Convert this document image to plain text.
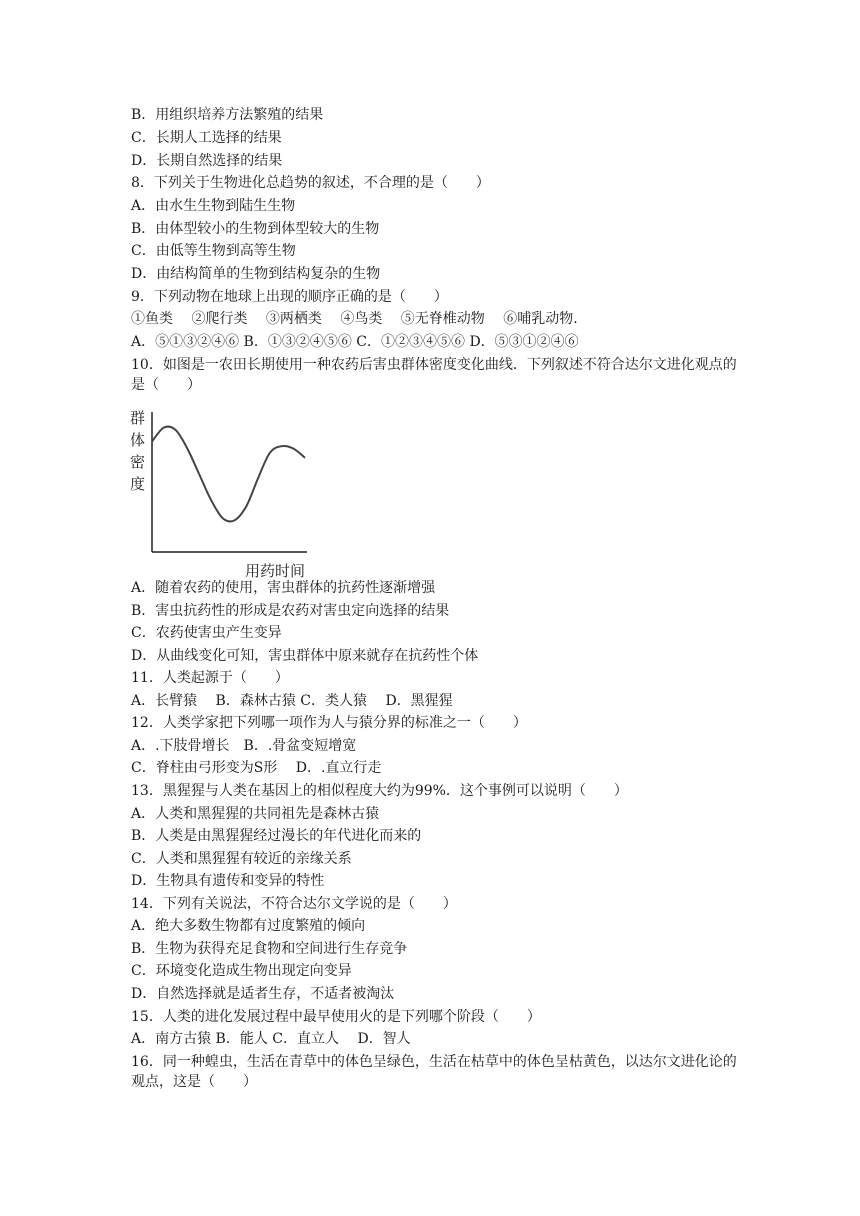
B．用组织培养方法繁殖的结果
C．长期人工选择的结果
D．长期自然选择的结果
8．下列关于生物进化总趋势的叙述，不合理的是（　　）
A．由水生生物到陆生生物
B．由体型较小的生物到体型较大的生物
C．由低等生物到高等生物
D．由结构简单的生物到结构复杂的生物
9．下列动物在地球上出现的顺序正确的是（　　）
①鱼类　 ②爬行类　 ③两栖类　 ④鸟类　 ⑤无脊椎动物　 ⑥哺乳动物．
A．⑤①③②④⑥ B．①③②④⑤⑥ C．①②③④⑤⑥ D．⑤③①②④⑥
10．如图是一农田长期使用一种农药后害虫群体密度变化曲线．下列叙述不符合达尔文进化观点的是（　　）
群
体
密
度
用药时间
A．随着农药的使用，害虫群体的抗药性逐渐增强
B．害虫抗药性的形成是农药对害虫定向选择的结果
C．农药使害虫产生变异
D．从曲线变化可知，害虫群体中原来就存在抗药性个体
11．人类起源于（　　）
A．长臂猿　 B．森林古猿 C．类人猿　 D．黑猩猩
12．人类学家把下列哪一项作为人与猿分界的标准之一（　　）
A．.下肢骨增长　B．.骨盆变短增宽
C．脊柱由弓形变为S形　 D．.直立行走
13．黑猩猩与人类在基因上的相似程度大约为99%．这个事例可以说明（　　）
A．人类和黑猩猩的共同祖先是森林古猿
B．人类是由黑猩猩经过漫长的年代进化而来的
C．人类和黑猩猩有较近的亲缘关系
D．生物具有遗传和变异的特性
14．下列有关说法，不符合达尔文学说的是（　　）
A．绝大多数生物都有过度繁殖的倾向
B．生物为获得充足食物和空间进行生存竞争
C．环境变化造成生物出现定向变异
D．自然选择就是适者生存，不适者被淘汰
15．人类的进化发展过程中最早使用火的是下列哪个阶段（　　）
A．南方古猿 B．能人 C．直立人　 D．智人
16．同一种蝗虫，生活在青草中的体色呈绿色，生活在枯草中的体色呈枯黄色，以达尔文进化论的观点，这是（　　）
